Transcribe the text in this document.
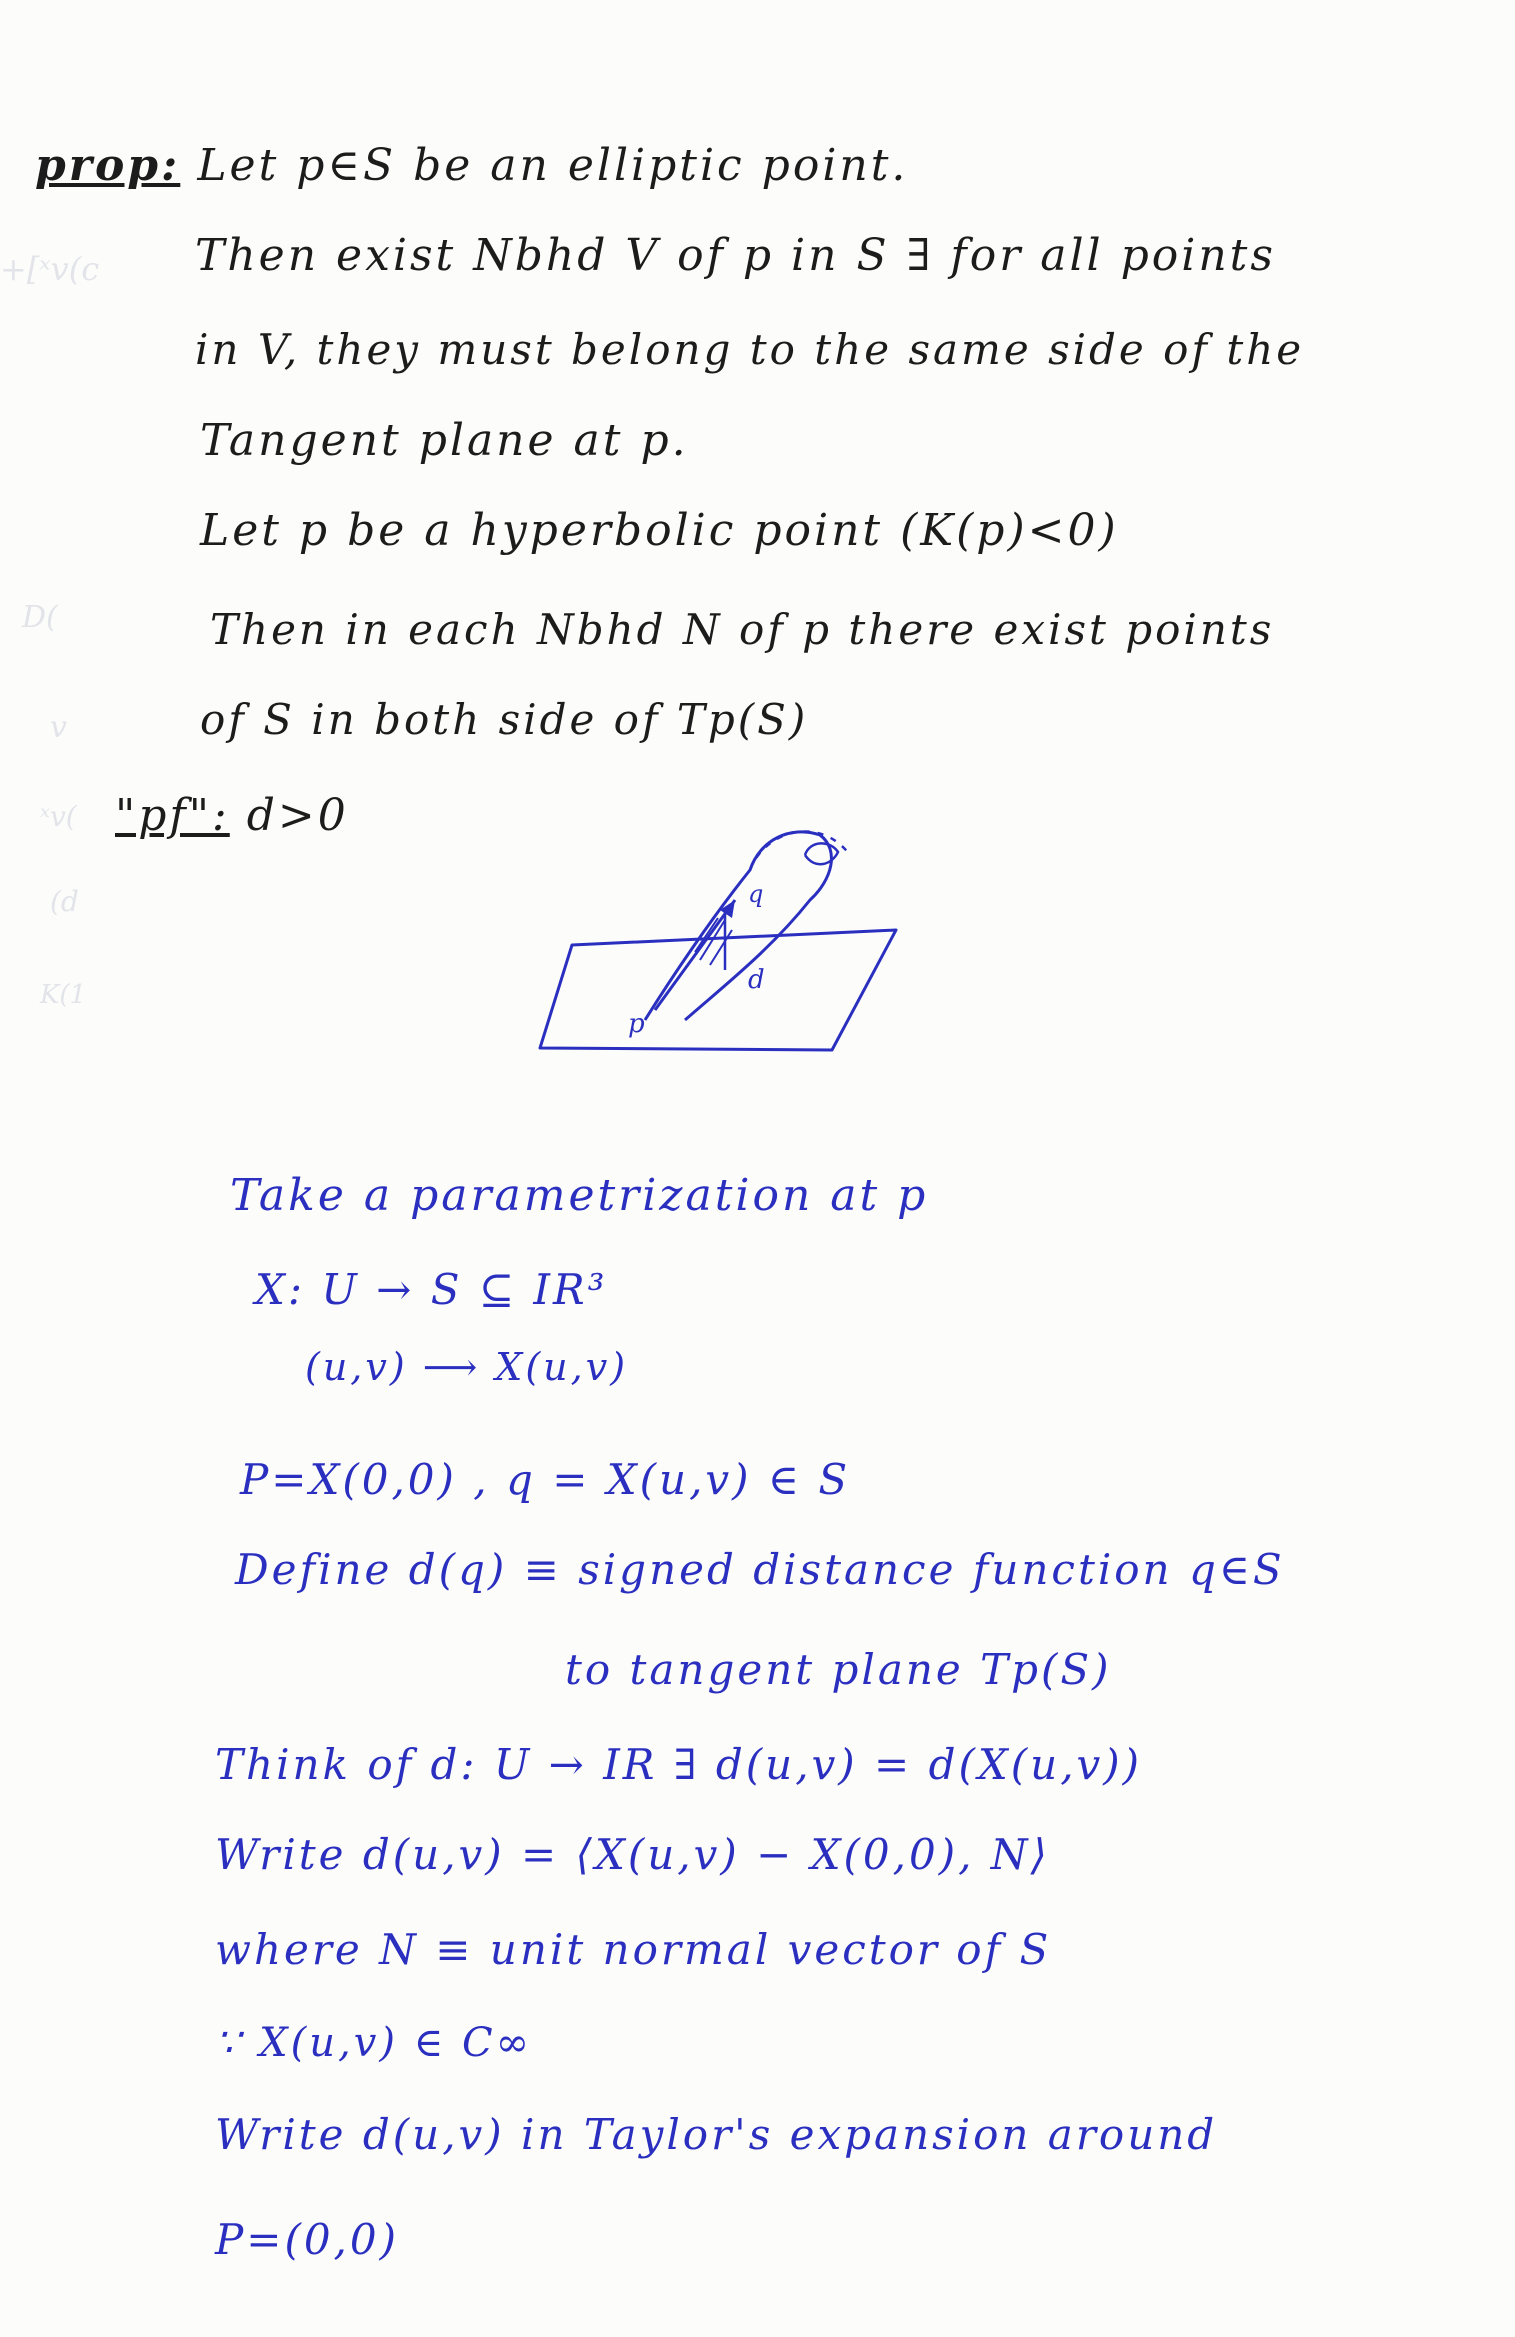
+[ˣv(c
D(
v
ˣv(
(d
K(1
prop: Let p∈S be an elliptic point.
Then exist Nbhd V of p in S ∃ for all points
in V, they must belong to the same side of the
Tangent plane at p.
Let p be a hyperbolic point (K(p)<0)
Then in each Nbhd N of p there exist points
of S in both side of Tp(S)
"pf": d>0
p
q
d
Take a parametrization at p
X: U → S ⊆ IR³
(u,v) ⟶ X(u,v)
P=X(0,0) , q = X(u,v) ∈ S
Define d(q) ≡ signed distance function q∈S
to tangent plane Tp(S)
Think of d: U → IR ∃ d(u,v) = d(X(u,v))
Write d(u,v) = ⟨X(u,v) − X(0,0), N⟩
where N ≡ unit normal vector of S
∵ X(u,v) ∈ C∞
Write d(u,v) in Taylor's expansion around
P=(0,0)
